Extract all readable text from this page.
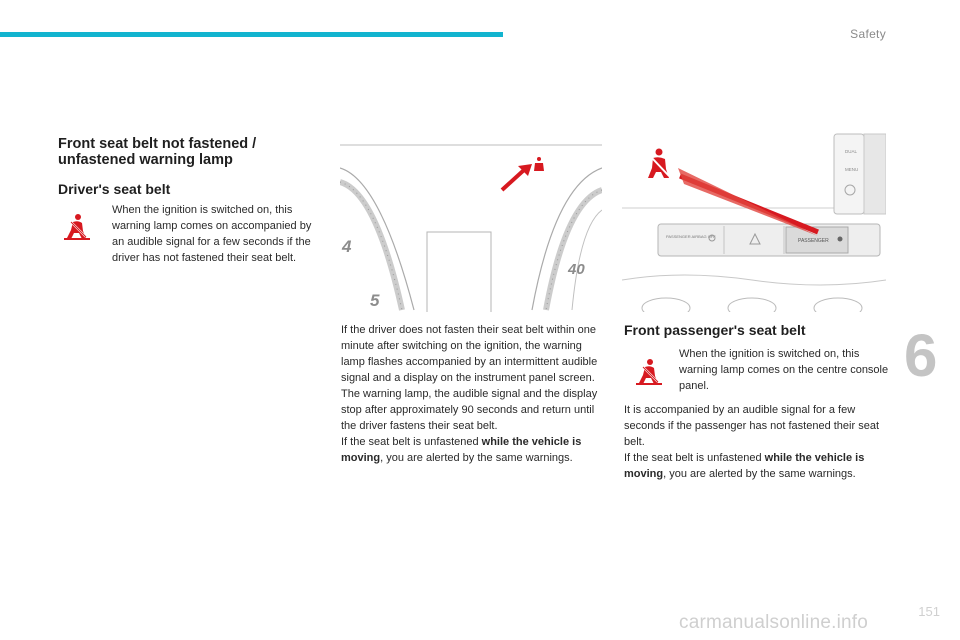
Safety
6
Front seat belt not fastened / unfastened warning lamp
Driver's seat belt

When the ignition is switched on, this warning lamp comes on accompanied by an audible signal for a few seconds if the driver has not fastened their seat belt.

4
5
40

If the driver does not fasten their seat belt within one minute after switching on the ignition, the warning lamp flashes accompanied by an intermittent audible signal and a display on the instrument panel screen.
The warning lamp, the audible signal and the display stop after approximately 90 seconds and return until the driver fastens their seat belt.
If the seat belt is unfastened while the vehicle is moving, you are alerted by the same warnings.

DUAL
MENU
PASSENGER AIRBAG OFF
PASSENGER
Front passenger's seat belt

When the ignition is switched on, this warning lamp comes on the centre console panel.

It is accompanied by an audible signal for a few seconds if the passenger has not fastened their seat belt.
If the seat belt is unfastened while the vehicle is moving, you are alerted by the same warnings.

151
carmanualsonline.info
